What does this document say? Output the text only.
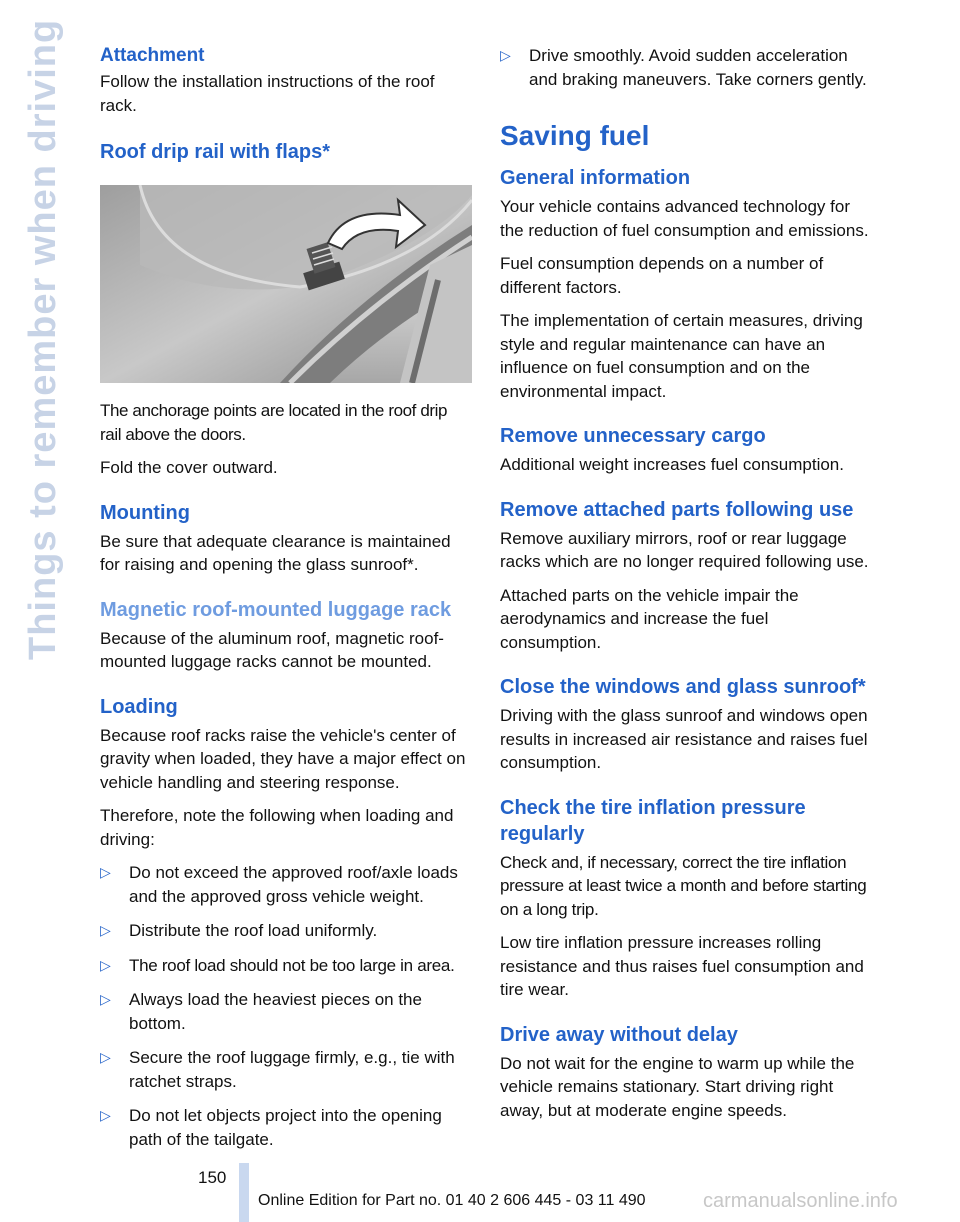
Things to remember when driving Attachment

Follow the installation instructions of the roof rack.

Roof drip rail with flaps*

The anchorage points are located in the roof drip rail above the doors.

Fold the cover outward.

Mounting

Be sure that adequate clearance is maintained for raising and opening the glass sunroof*.

Magnetic roof-mounted luggage rack

Because of the aluminum roof, magnetic roof-mounted luggage racks cannot be mounted.

Loading

Because roof racks raise the vehicle's center of gravity when loaded, they have a major effect on vehicle handling and steering response.

Therefore, note the following when loading and driving:

▷ Do not exceed the approved roof/axle loads and the approved gross vehicle weight.
▷ Distribute the roof load uniformly.
▷ The roof load should not be too large in area.
▷ Always load the heaviest pieces on the bottom.
▷ Secure the roof luggage firmly, e.g., tie with ratchet straps.
▷ Do not let objects project into the opening path of the tailgate.
▷ Drive smoothly. Avoid sudden acceleration and braking maneuvers. Take corners gently.
Saving fuel
General information

Your vehicle contains advanced technology for the reduction of fuel consumption and emissions.

Fuel consumption depends on a number of different factors.

The implementation of certain measures, driving style and regular maintenance can have an influence on fuel consumption and on the environmental impact.

Remove unnecessary cargo

Additional weight increases fuel consumption.

Remove attached parts following use

Remove auxiliary mirrors, roof or rear luggage racks which are no longer required following use.

Attached parts on the vehicle impair the aerodynamics and increase the fuel consumption.

Close the windows and glass sunroof*

Driving with the glass sunroof and windows open results in increased air resistance and raises fuel consumption.

Check the tire inflation pressure regularly

Check and, if necessary, correct the tire inflation pressure at least twice a month and before starting on a long trip.

Low tire inflation pressure increases rolling resistance and thus raises fuel consumption and tire wear.

Drive away without delay

Do not wait for the engine to warm up while the vehicle remains stationary. Start driving right away, but at moderate engine speeds.

150
Online Edition for Part no. 01 40 2 606 445 - 03 11 490	carmanualsonline.info
